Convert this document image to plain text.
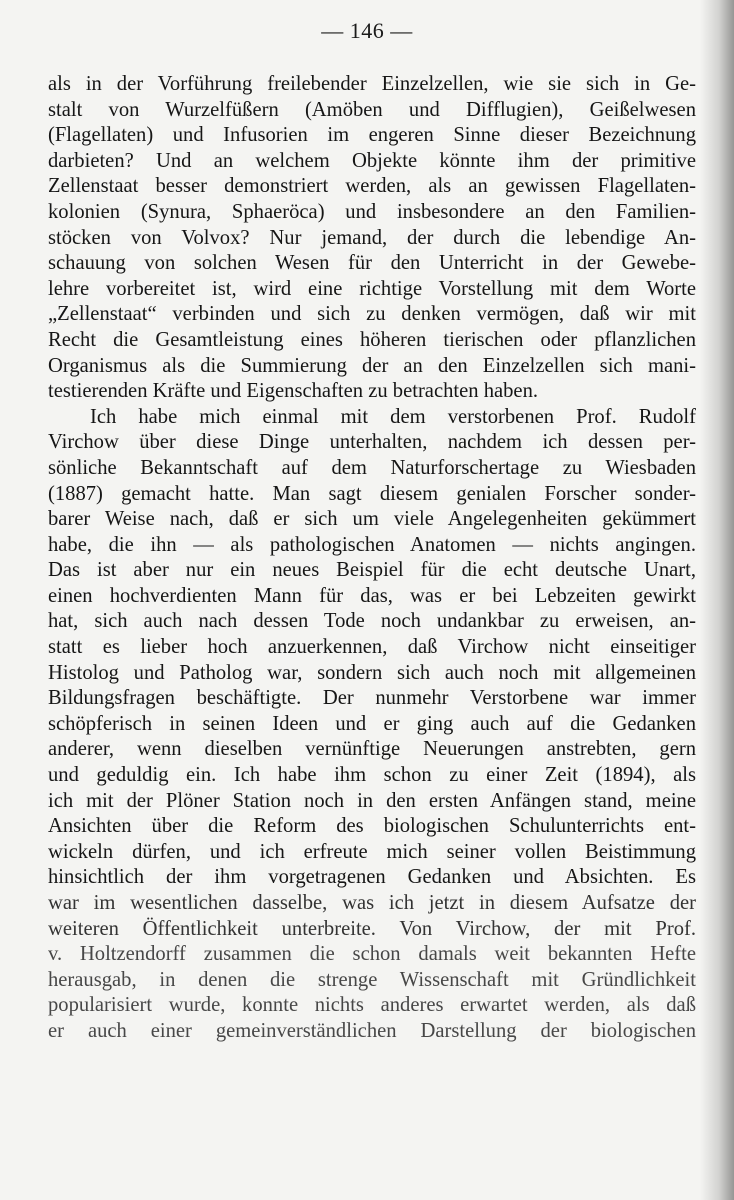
— 146 —
als in der Vorführung freilebender Einzelzellen, wie sie sich in Ge-
stalt von Wurzelfüßern (Amöben und Difflugien), Geißelwesen
(Flagellaten) und Infusorien im engeren Sinne dieser Bezeichnung
darbieten? Und an welchem Objekte könnte ihm der primitive
Zellenstaat besser demonstriert werden, als an gewissen Flagellaten-
kolonien (Synura, Sphaeröca) und insbesondere an den Familien-
stöcken von Volvox? Nur jemand, der durch die lebendige An-
schauung von solchen Wesen für den Unterricht in der Gewebe-
lehre vorbereitet ist, wird eine richtige Vorstellung mit dem Worte
„Zellenstaat“ verbinden und sich zu denken vermögen, daß wir mit
Recht die Gesamtleistung eines höheren tierischen oder pflanzlichen
Organismus als die Summierung der an den Einzelzellen sich mani-
testierenden Kräfte und Eigenschaften zu betrachten haben.
Ich habe mich einmal mit dem verstorbenen Prof. Rudolf
Virchow über diese Dinge unterhalten, nachdem ich dessen per-
sönliche Bekanntschaft auf dem Naturforschertage zu Wiesbaden
(1887) gemacht hatte. Man sagt diesem genialen Forscher sonder-
barer Weise nach, daß er sich um viele Angelegenheiten gekümmert
habe, die ihn — als pathologischen Anatomen — nichts angingen.
Das ist aber nur ein neues Beispiel für die echt deutsche Unart,
einen hochverdienten Mann für das, was er bei Lebzeiten gewirkt
hat, sich auch nach dessen Tode noch undankbar zu erweisen, an-
statt es lieber hoch anzuerkennen, daß Virchow nicht einseitiger
Histolog und Patholog war, sondern sich auch noch mit allgemeinen
Bildungsfragen beschäftigte. Der nunmehr Verstorbene war immer
schöpferisch in seinen Ideen und er ging auch auf die Gedanken
anderer, wenn dieselben vernünftige Neuerungen anstrebten, gern
und geduldig ein. Ich habe ihm schon zu einer Zeit (1894), als
ich mit der Plöner Station noch in den ersten Anfängen stand, meine
Ansichten über die Reform des biologischen Schulunterrichts ent-
wickeln dürfen, und ich erfreute mich seiner vollen Beistimmung
hinsichtlich der ihm vorgetragenen Gedanken und Absichten. Es
war im wesentlichen dasselbe, was ich jetzt in diesem Aufsatze der
weiteren Öffentlichkeit unterbreite. Von Virchow, der mit Prof.
v. Holtzendorff zusammen die schon damals weit bekannten Hefte
herausgab, in denen die strenge Wissenschaft mit Gründlichkeit
popularisiert wurde, konnte nichts anderes erwartet werden, als daß
er auch einer gemeinverständlichen Darstellung der biologischen
